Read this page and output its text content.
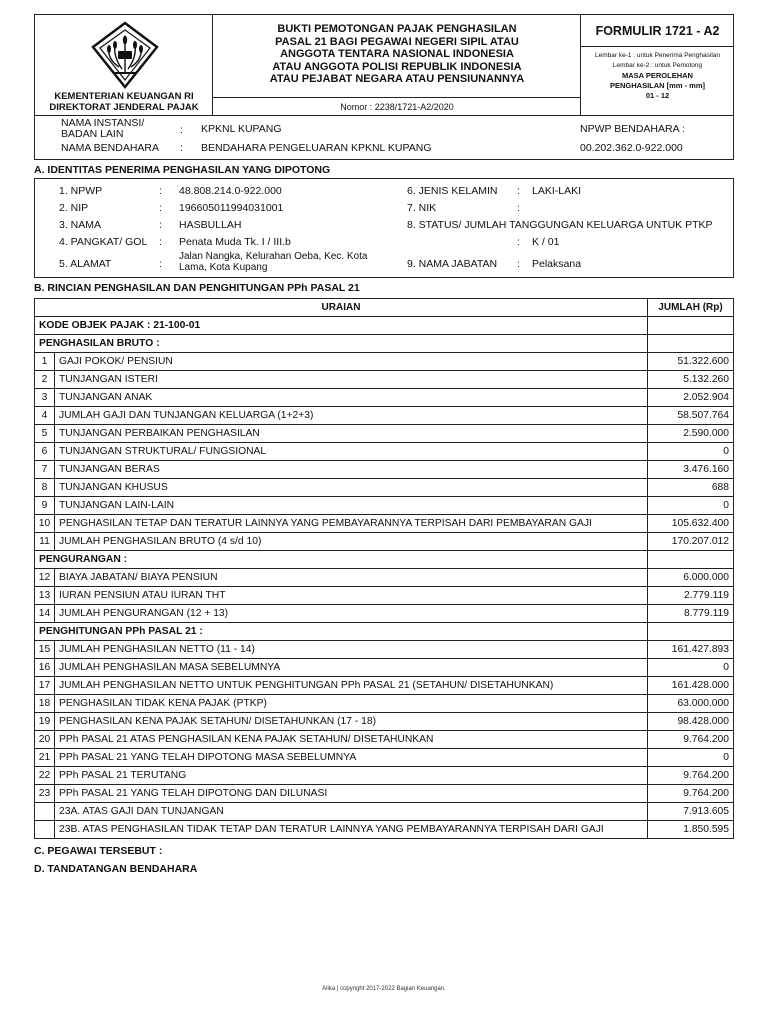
KEMENTERIAN KEUANGAN RI
DIREKTORAT JENDERAL PAJAK
BUKTI PEMOTONGAN PAJAK PENGHASILAN
PASAL 21 BAGI PEGAWAI NEGERI SIPIL ATAU
ANGGOTA TENTARA NASIONAL INDONESIA
ATAU ANGGOTA POLISI REPUBLIK INDONESIA
ATAU PEJABAT NEGARA ATAU PENSIUNANNYA
Nomor : 2238/1721-A2/2020
FORMULIR 1721 - A2
Lembar ke-1 : untuk Penerima Penghasilan
Lembar ke-2 : untuk Pemotong
MASA PEROLEHAN
PENGHASILAN [mm - mm]
01 - 12
NAMA INSTANSI/
BADAN LAIN	: KPKNL KUPANG
NAMA BENDAHARA : BENDAHARA PENGELUARAN KPKNL KUPANG
NPWP BENDAHARA :
00.202.362.0-922.000
A. IDENTITAS PENERIMA PENGHASILAN YANG DIPOTONG
1. NPWP	: 48.808.214.0-922.000
2. NIP	: 196605011994031001
3. NAMA	: HASBULLAH
4. PANGKAT/ GOL : Penata Muda Tk. I / III.b
5. ALAMAT	:
Jalan Nangka, Kelurahan Oeba, Kec. Kota
Lama, Kota Kupang
6. JENIS KELAMIN : LAKI-LAKI
7. NIK	:
8. STATUS/ JUMLAH TANGGUNGAN KELUARGA UNTUK PTKP
: K / 01
9. NAMA JABATAN : Pelaksana
B. RINCIAN PENGHASILAN DAN PENGHITUNGAN PPh PASAL 21
URAIAN		JUMLAH (Rp)
KODE OBJEK PAJAK : 21-100-01		
PENGHASILAN BRUTO :		
1	GAJI POKOK/ PENSIUN	51.322.600
2	TUNJANGAN ISTERI	5.132.260
3	TUNJANGAN ANAK	2.052.904
4	JUMLAH GAJI DAN TUNJANGAN KELUARGA (1+2+3)	58.507.764
5	TUNJANGAN PERBAIKAN PENGHASILAN	2.590.000
6	TUNJANGAN STRUKTURAL/ FUNGSIONAL	0
7	TUNJANGAN BERAS	3.476.160
8	TUNJANGAN KHUSUS	688
9	TUNJANGAN LAIN-LAIN	0
10	PENGHASILAN TETAP DAN TERATUR LAINNYA YANG PEMBAYARANNYA TERPISAH DARI PEMBAYARAN GAJI	105.632.400
11	JUMLAH PENGHASILAN BRUTO (4 s/d 10)	170.207.012
PENGURANGAN :		
12	BIAYA JABATAN/ BIAYA PENSIUN	6.000.000
13	IURAN PENSIUN ATAU IURAN THT	2.779.119
14	JUMLAH PENGURANGAN (12 + 13)	8.779.119
PENGHITUNGAN PPh PASAL 21 :		
15	JUMLAH PENGHASILAN NETTO (11 - 14)	161.427.893
16	JUMLAH PENGHASILAN MASA SEBELUMNYA	0
17	JUMLAH PENGHASILAN NETTO UNTUK PENGHITUNGAN PPh PASAL 21 (SETAHUN/ DISETAHUNKAN)	161.428.000
18	PENGHASILAN TIDAK KENA PAJAK (PTKP)	63.000.000
19	PENGHASILAN KENA PAJAK SETAHUN/ DISETAHUNKAN (17 - 18)	98.428.000
20	PPh PASAL 21 ATAS PENGHASILAN KENA PAJAK SETAHUN/ DISETAHUNKAN	9.764.200
21	PPh PASAL 21 YANG TELAH DIPOTONG MASA SEBELUMNYA	0
22	PPh PASAL 21 TERUTANG	9.764.200
23	PPh PASAL 21 YANG TELAH DIPOTONG DAN DILUNASI	9.764.200
	23A. ATAS GAJI DAN TUNJANGAN	7.913.605
	23B. ATAS PENGHASILAN TIDAK TETAP DAN TERATUR LAINNYA YANG PEMBAYARANNYA TERPISAH DARI GAJI	1.850.595
C. PEGAWAI TERSEBUT :
D. TANDATANGAN BENDAHARA
Alika | copyright 2017-2022 Bagian Keuangan.
